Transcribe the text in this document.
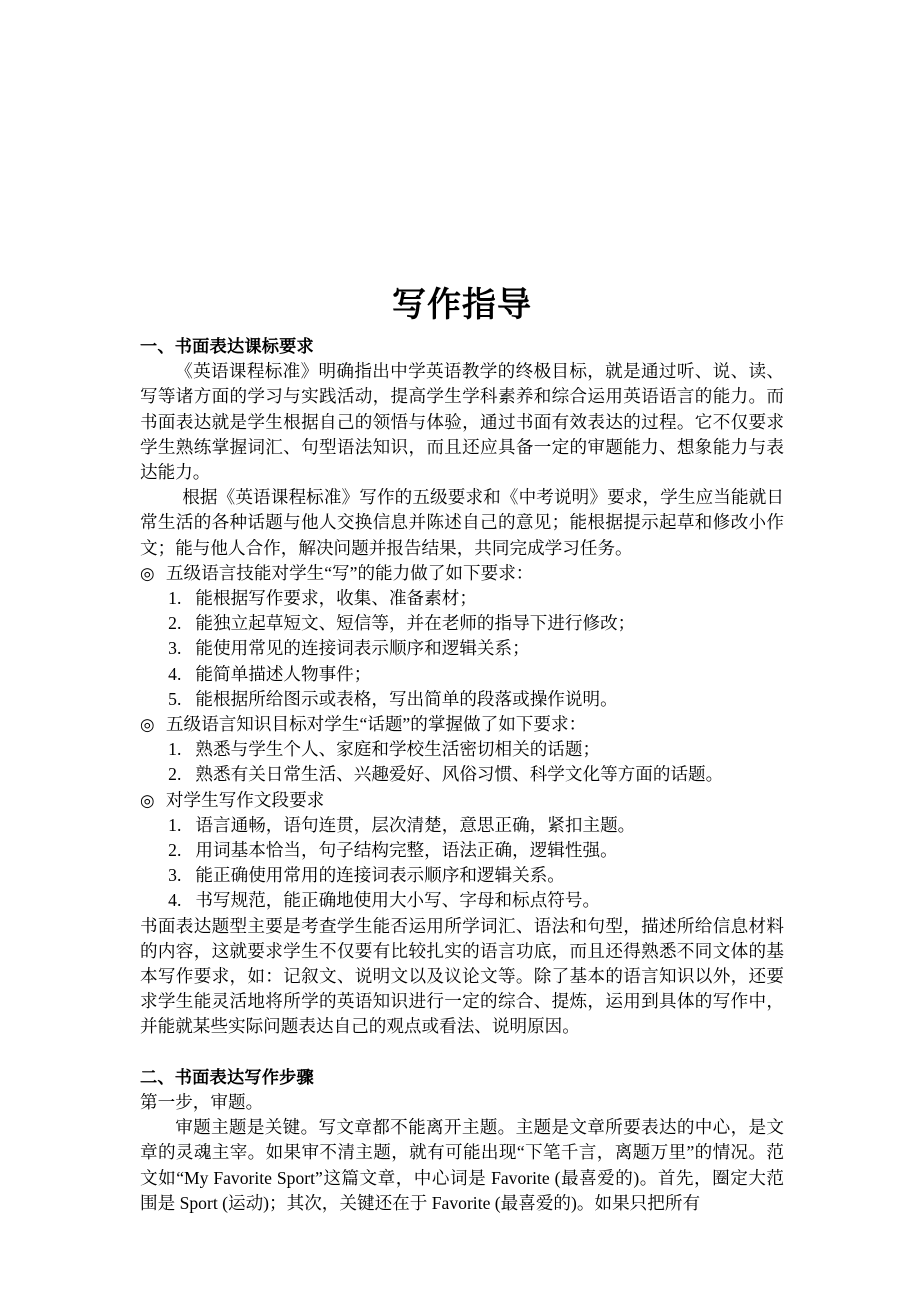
写作指导

一、书面表达课标要求

《英语课程标准》明确指出中学英语教学的终极目标，就是通过听、说、读、写等诸方面的学习与实践活动，提高学生学科素养和综合运用英语语言的能力。而书面表达就是学生根据自己的领悟与体验，通过书面有效表达的过程。它不仅要求学生熟练掌握词汇、句型语法知识，而且还应具备一定的审题能力、想象能力与表达能力。

根据《英语课程标准》写作的五级要求和《中考说明》要求，学生应当能就日常生活的各种话题与他人交换信息并陈述自己的意见；能根据提示起草和修改小作文；能与他人合作，解决问题并报告结果，共同完成学习任务。

◎ 五级语言技能对学生“写”的能力做了如下要求：

1. 能根据写作要求，收集、准备素材；

2. 能独立起草短文、短信等，并在老师的指导下进行修改；

3. 能使用常见的连接词表示顺序和逻辑关系；

4. 能简单描述人物事件；

5. 能根据所给图示或表格，写出简单的段落或操作说明。

◎ 五级语言知识目标对学生“话题”的掌握做了如下要求：

1. 熟悉与学生个人、家庭和学校生活密切相关的话题；

2. 熟悉有关日常生活、兴趣爱好、风俗习惯、科学文化等方面的话题。

◎ 对学生写作文段要求

1. 语言通畅，语句连贯，层次清楚，意思正确，紧扣主题。

2. 用词基本恰当，句子结构完整，语法正确，逻辑性强。

3. 能正确使用常用的连接词表示顺序和逻辑关系。

4. 书写规范，能正确地使用大小写、字母和标点符号。

书面表达题型主要是考查学生能否运用所学词汇、语法和句型，描述所给信息材料的内容，这就要求学生不仅要有比较扎实的语言功底，而且还得熟悉不同文体的基本写作要求，如：记叙文、说明文以及议论文等。除了基本的语言知识以外，还要求学生能灵活地将所学的英语知识进行一定的综合、提炼，运用到具体的写作中，并能就某些实际问题表达自己的观点或看法、说明原因。

二、书面表达写作步骤

第一步，审题。

审题主题是关键。写文章都不能离开主题。主题是文章所要表达的中心，是文章的灵魂主宰。如果审不清主题，就有可能出现“下笔千言，离题万里”的情况。范文如“My Favorite Sport”这篇文章，中心词是 Favorite (最喜爱的)。首先，圈定大范围是 Sport (运动)；其次，关键还在于 Favorite (最喜爱的)。如果只把所有
